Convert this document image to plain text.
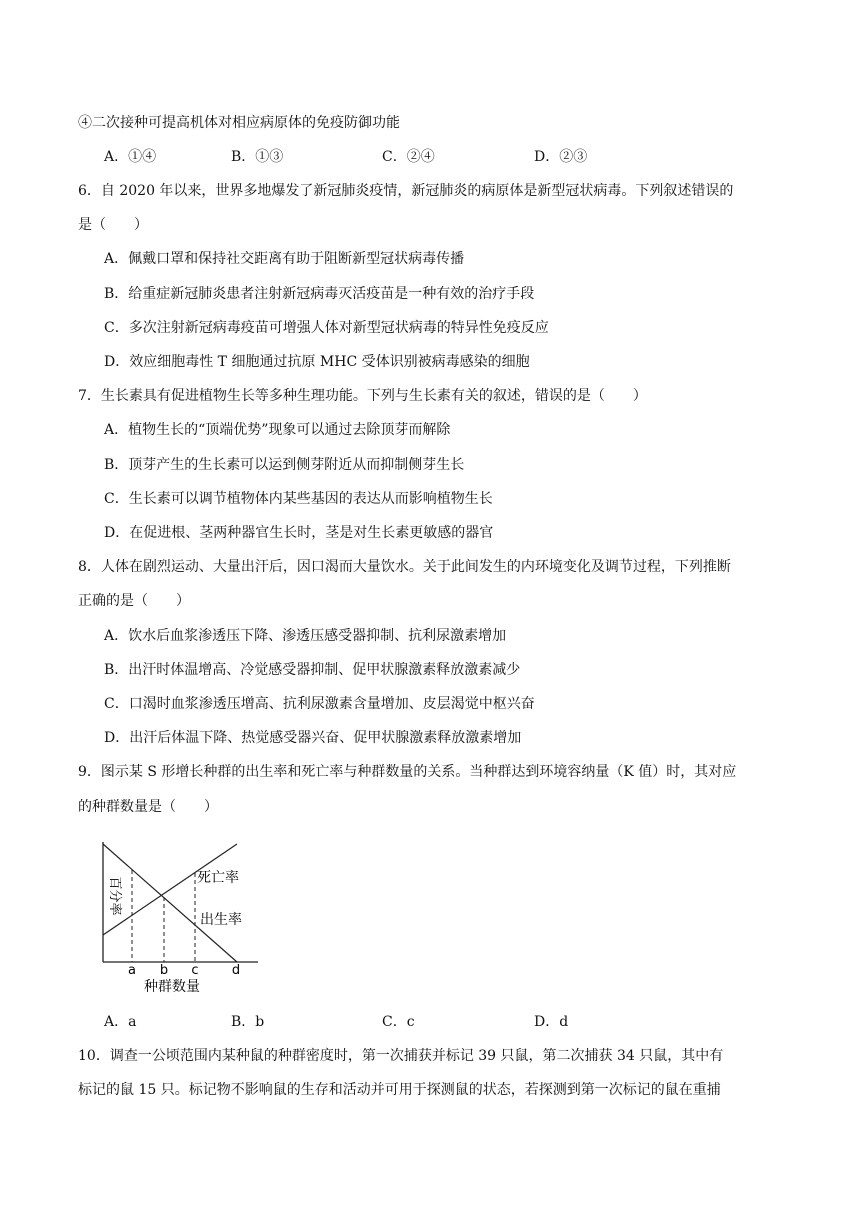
④二次接种可提高机体对相应病原体的免疫防御功能
A．①④	B．①③	C．②④	D．②③
6．自 2020 年以来，世界多地爆发了新冠肺炎疫情，新冠肺炎的病原体是新型冠状病毒。下列叙述错误的
是（　　）
A．佩戴口罩和保持社交距离有助于阻断新型冠状病毒传播
B．给重症新冠肺炎患者注射新冠病毒灭活疫苗是一种有效的治疗手段
C．多次注射新冠病毒疫苗可增强人体对新型冠状病毒的特异性免疫反应
D．效应细胞毒性 T 细胞通过抗原 MHC 受体识别被病毒感染的细胞
7．生长素具有促进植物生长等多种生理功能。下列与生长素有关的叙述，错误的是（　　）
A．植物生长的“顶端优势”现象可以通过去除顶芽而解除
B．顶芽产生的生长素可以运到侧芽附近从而抑制侧芽生长
C．生长素可以调节植物体内某些基因的表达从而影响植物生长
D．在促进根、茎两种器官生长时，茎是对生长素更敏感的器官
8．人体在剧烈运动、大量出汗后，因口渴而大量饮水。关于此间发生的内环境变化及调节过程，下列推断
正确的是（　　）
A．饮水后血浆渗透压下降、渗透压感受器抑制、抗利尿激素增加
B．出汗时体温增高、冷觉感受器抑制、促甲状腺激素释放激素减少
C．口渴时血浆渗透压增高、抗利尿激素含量增加、皮层渴觉中枢兴奋
D．出汗后体温下降、热觉感受器兴奋、促甲状腺激素释放激素增加
9．图示某 S 形增长种群的出生率和死亡率与种群数量的关系。当种群达到环境容纳量（K 值）时，其对应
的种群数量是（　　）
百分率	死亡率
出生率
a b c	d
种群数量
A．a	B．b	C．c	D．d
10．调查一公顷范围内某种鼠的种群密度时，第一次捕获并标记 39 只鼠，第二次捕获 34 只鼠，其中有
标记的鼠 15 只。标记物不影响鼠的生存和活动并可用于探测鼠的状态，若探测到第一次标记的鼠在重捕
